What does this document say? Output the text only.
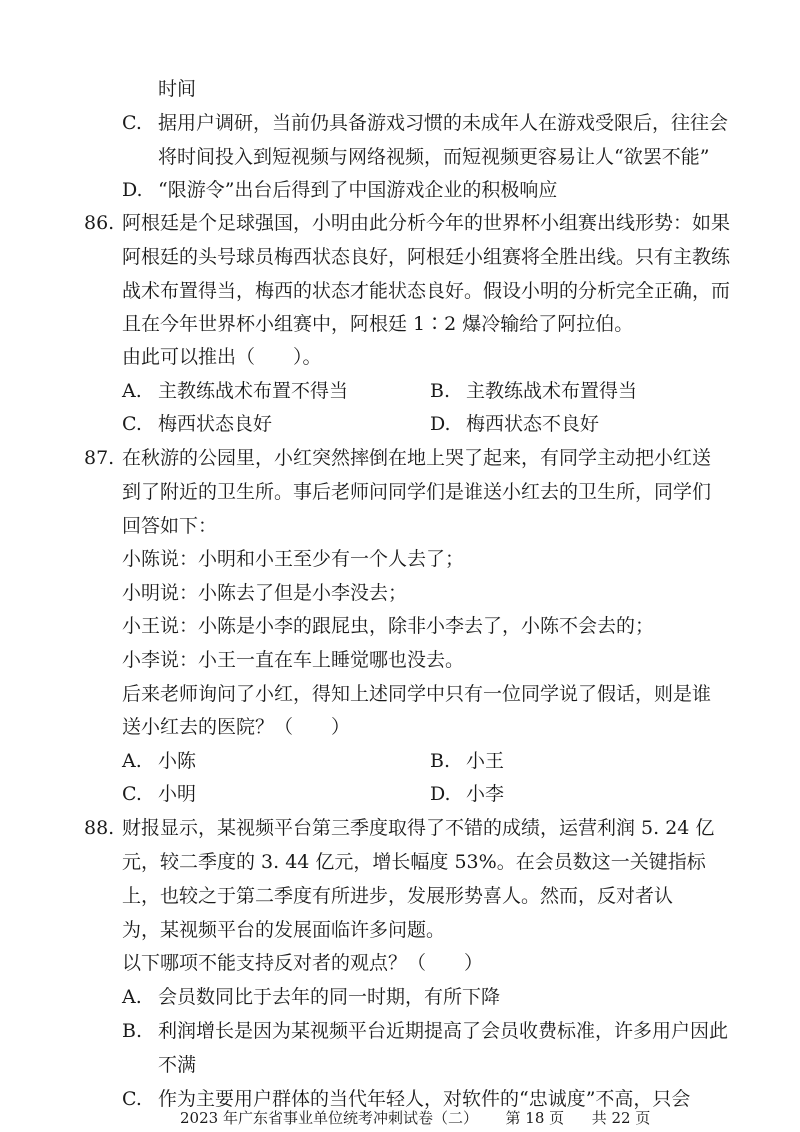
时间
C. 据用户调研，当前仍具备游戏习惯的未成年人在游戏受限后，往往会
将时间投入到短视频与网络视频，而短视频更容易让人“欲罢不能”
D. “限游令”出台后得到了中国游戏企业的积极响应
86. 阿根廷是个足球强国，小明由此分析今年的世界杯小组赛出线形势：如果
阿根廷的头号球员梅西状态良好，阿根廷小组赛将全胜出线。只有主教练
战术布置得当，梅西的状态才能状态良好。假设小明的分析完全正确，而
且在今年世界杯小组赛中，阿根廷 1∶2 爆冷输给了阿拉伯。
由此可以推出（　　）。
A. 主教练战术布置不得当	B. 主教练战术布置得当
C. 梅西状态良好	D. 梅西状态不良好
87. 在秋游的公园里，小红突然摔倒在地上哭了起来，有同学主动把小红送
到了附近的卫生所。事后老师问同学们是谁送小红去的卫生所，同学们
回答如下：
小陈说：小明和小王至少有一个人去了；
小明说：小陈去了但是小李没去；
小王说：小陈是小李的跟屁虫，除非小李去了，小陈不会去的；
小李说：小王一直在车上睡觉哪也没去。
后来老师询问了小红，得知上述同学中只有一位同学说了假话，则是谁
送小红去的医院？（　　）
A. 小陈	B. 小王
C. 小明	D. 小李
88. 财报显示，某视频平台第三季度取得了不错的成绩，运营利润 5. 24 亿
元，较二季度的 3. 44 亿元，增长幅度 53%。在会员数这一关键指标
上，也较之于第二季度有所进步，发展形势喜人。然而，反对者认
为，某视频平台的发展面临许多问题。
以下哪项不能支持反对者的观点？（　　）
A. 会员数同比于去年的同一时期，有所下降
B. 利润增长是因为某视频平台近期提高了会员收费标准，许多用户因此
不满
C. 作为主要用户群体的当代年轻人，对软件的“忠诚度”不高，只会
2023 年广东省事业单位统考冲刺试卷（二） 第 18 页 共 22 页
